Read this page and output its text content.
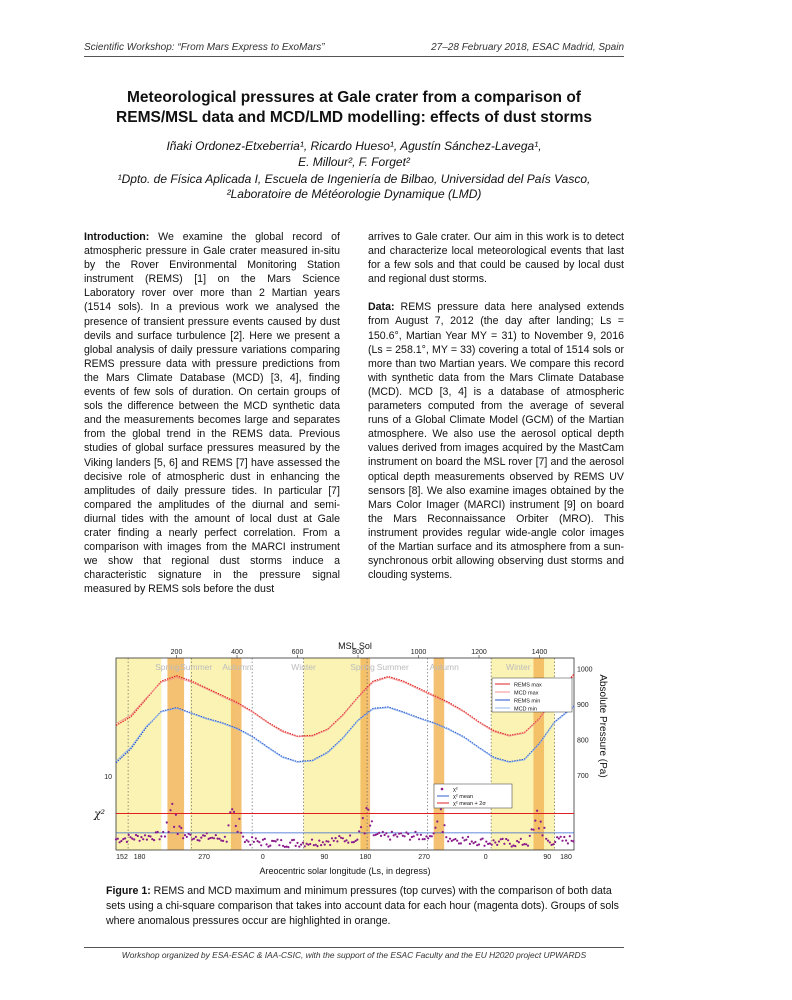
Scientific Workshop: “From Mars Express to ExoMars”	27–28 February 2018, ESAC Madrid, Spain
Meteorological pressures at Gale crater from a comparison of
REMS/MSL data and MCD/LMD modelling: effects of dust storms
Iñaki Ordonez-Etxeberria¹, Ricardo Hueso¹, Agustín Sánchez-Lavega¹,
E. Millour², F. Forget²
¹Dpto. de Física Aplicada I, Escuela de Ingeniería de Bilbao, Universidad del País Vasco,
²Laboratoire de Météorologie Dynamique (LMD)

Introduction: We examine the global record of atmospheric pressure in Gale crater measured in-situ by the Rover Environmental Monitoring Station instrument (REMS) [1] on the Mars Science Laboratory rover over more than 2 Martian years (1514 sols). In a previous work we analysed the presence of transient pressure events caused by dust devils and surface turbulence [2]. Here we present a global analysis of daily pressure variations comparing REMS pressure data with pressure predictions from the Mars Climate Database (MCD) [3, 4], finding events of few sols of duration. On certain groups of sols the difference between the MCD synthetic data and the measurements becomes large and separates from the global trend in the REMS data. Previous studies of global surface pressures measured by the Viking landers [5, 6] and REMS [7] have assessed the decisive role of atmospheric dust in enhancing the amplitudes of daily pressure tides. In particular [7] compared the amplitudes of the diurnal and semi-diurnal tides with the amount of local dust at Gale crater finding a nearly perfect correlation. From a comparison with images from the MARCI instrument we show that regional dust storms induce a characteristic signature in the pressure signal measured by REMS sols before the dust

arrives to Gale crater. Our aim in this work is to detect and characterize local meteorological events that last for a few sols and that could be caused by local dust and regional dust storms.

Data: REMS pressure data here analysed extends from August 7, 2012 (the day after landing; Ls = 150.6°, Martian Year MY = 31) to November 9, 2016 (Ls = 258.1°, MY = 33) covering a total of 1514 sols or more than two Martian years. We compare this record with synthetic data from the Mars Climate Database (MCD). MCD [3, 4] is a database of atmospheric parameters computed from the average of several runs of a Global Climate Model (GCM) of the Martian atmosphere. We also use the aerosol optical depth values derived from images acquired by the MastCam instrument on board the MSL rover [7] and the aerosol optical depth measurements observed by REMS UV sensors [8]. We also examine images obtained by the Mars Color Imager (MARCI) instrument [9] on board the Mars Reconnaissance Orbiter (MRO). This instrument provides regular wide-angle color images of the Martian surface and its atmosphere from a sun-synchronous orbit allowing observing dust storms and clouding systems.

MSL Sol
200	400	600	800	1000	1200	1400
152 180	270	0	90	180	270	0	90 180
Areocentric solar longitude (Ls, in degress)
1000
900
800
700 Absolute Pressure (Pa)
10
χ²
Spring Summer Autumn	Winter	Spring Summer Autumn	Winter
REMS max
MCD max
REMS min
MCD min
χ²
χ² mean
χ² mean + 2σ
Figure 1: REMS and MCD maximum and minimum pressures (top curves) with the comparison of both data sets using a chi-square comparison that takes into account data for each hour (magenta dots). Groups of sols where anomalous pressures occur are highlighted in orange.
Workshop organized by ESA-ESAC & IAA-CSIC, with the support of the ESAC Faculty and the EU H2020 project UPWARDS
